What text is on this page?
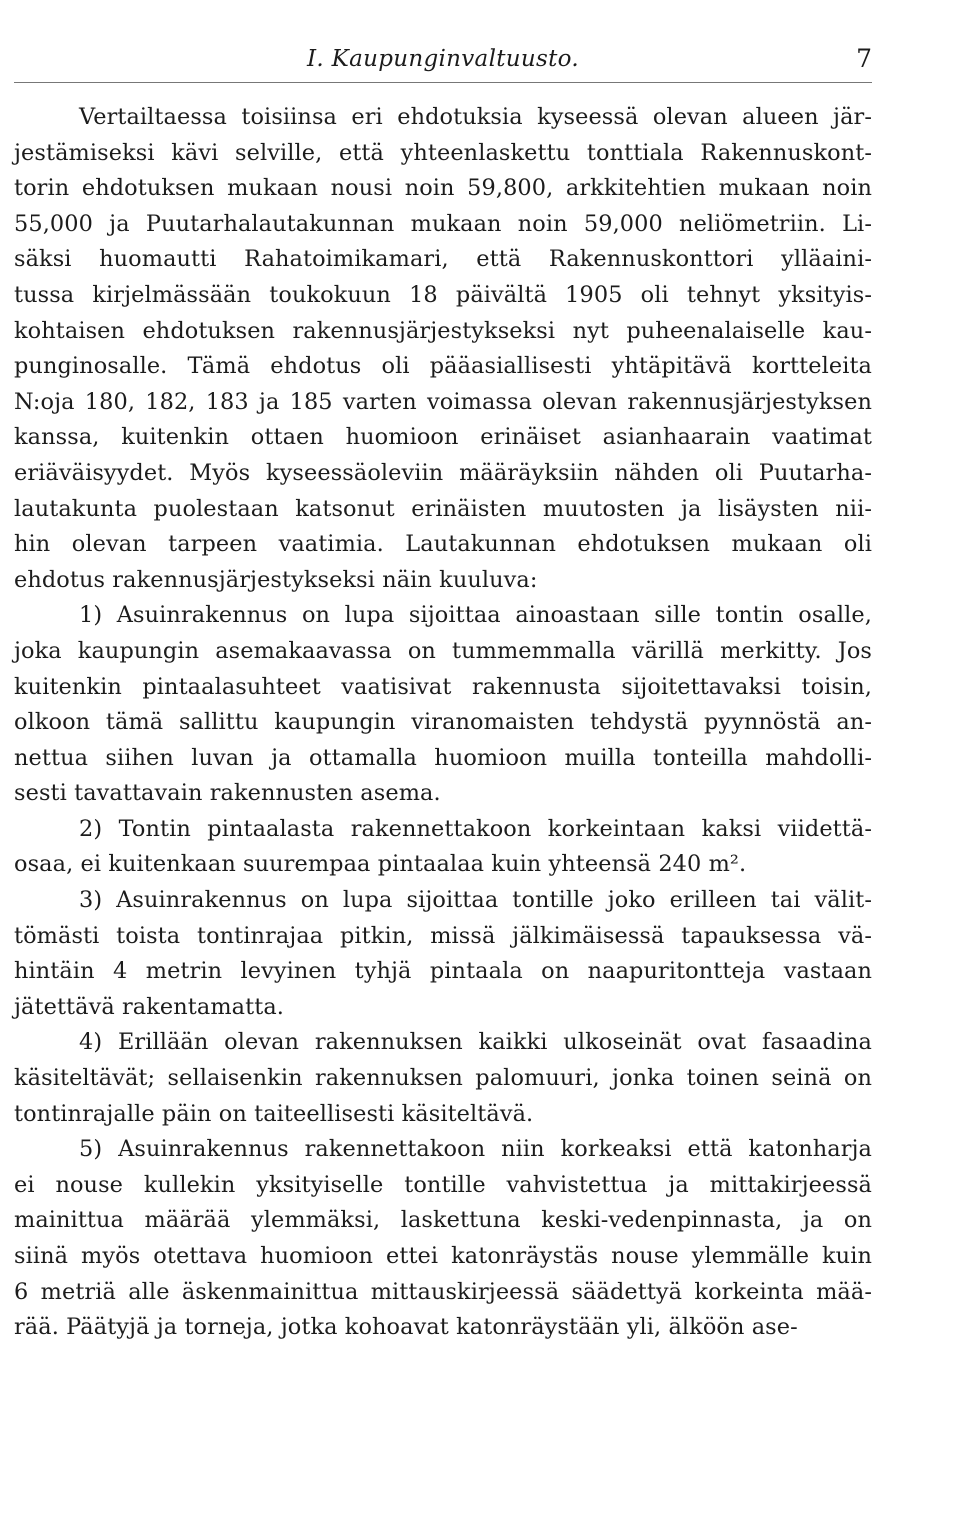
I. Kaupunginvaltuusto.	7

Vertailtaessa toisiinsa eri ehdotuksia kyseessä olevan alueen jär-
jestämiseksi kävi selville, että yhteenlaskettu tonttiala Rakennuskont-
torin ehdotuksen mukaan nousi noin 59,800, arkkitehtien mukaan noin
55,000 ja Puutarhalautakunnan mukaan noin 59,000 neliömetriin. Li-
säksi huomautti Rahatoimikamari, että Rakennuskonttori ylläaini-
tussa kirjelmässään toukokuun 18 päivältä 1905 oli tehnyt yksityis-
kohtaisen ehdotuksen rakennusjärjestykseksi nyt puheenalaiselle kau-
punginosalle. Tämä ehdotus oli pääasiallisesti yhtäpitävä kortteleita
N:oja 180, 182, 183 ja 185 varten voimassa olevan rakennusjärjestyksen
kanssa, kuitenkin ottaen huomioon erinäiset asianhaarain vaatimat
eriäväisyydet. Myös kyseessäoleviin määräyksiin nähden oli Puutarha-
lautakunta puolestaan katsonut erinäisten muutosten ja lisäysten nii-
hin olevan tarpeen vaatimia. Lautakunnan ehdotuksen mukaan oli
ehdotus rakennusjärjestykseksi näin kuuluva:

1) Asuinrakennus on lupa sijoittaa ainoastaan sille tontin osalle,
joka kaupungin asemakaavassa on tummemmalla värillä merkitty. Jos
kuitenkin pintaalasuhteet vaatisivat rakennusta sijoitettavaksi toisin,
olkoon tämä sallittu kaupungin viranomaisten tehdystä pyynnöstä an-
nettua siihen luvan ja ottamalla huomioon muilla tonteilla mahdolli-
sesti tavattavain rakennusten asema.

2) Tontin pintaalasta rakennettakoon korkeintaan kaksi viidettä-
osaa, ei kuitenkaan suurempaa pintaalaa kuin yhteensä 240 m².

3) Asuinrakennus on lupa sijoittaa tontille joko erilleen tai välit-
tömästi toista tontinrajaa pitkin, missä jälkimäisessä tapauksessa vä-
hintäin 4 metrin levyinen tyhjä pintaala on naapuritontteja vastaan
jätettävä rakentamatta.

4) Erillään olevan rakennuksen kaikki ulkoseinät ovat fasaadina
käsiteltävät; sellaisenkin rakennuksen palomuuri, jonka toinen seinä on
tontinrajalle päin on taiteellisesti käsiteltävä.

5) Asuinrakennus rakennettakoon niin korkeaksi että katonharja
ei nouse kullekin yksityiselle tontille vahvistettua ja mittakirjeessä
mainittua määrää ylemmäksi, laskettuna keski-vedenpinnasta, ja on
siinä myös otettava huomioon ettei katonräystäs nouse ylemmälle kuin
6 metriä alle äskenmainittua mittauskirjeessä säädettyä korkeinta mää-
rää. Päätyjä ja torneja, jotka kohoavat katonräystään yli, älköön ase-
